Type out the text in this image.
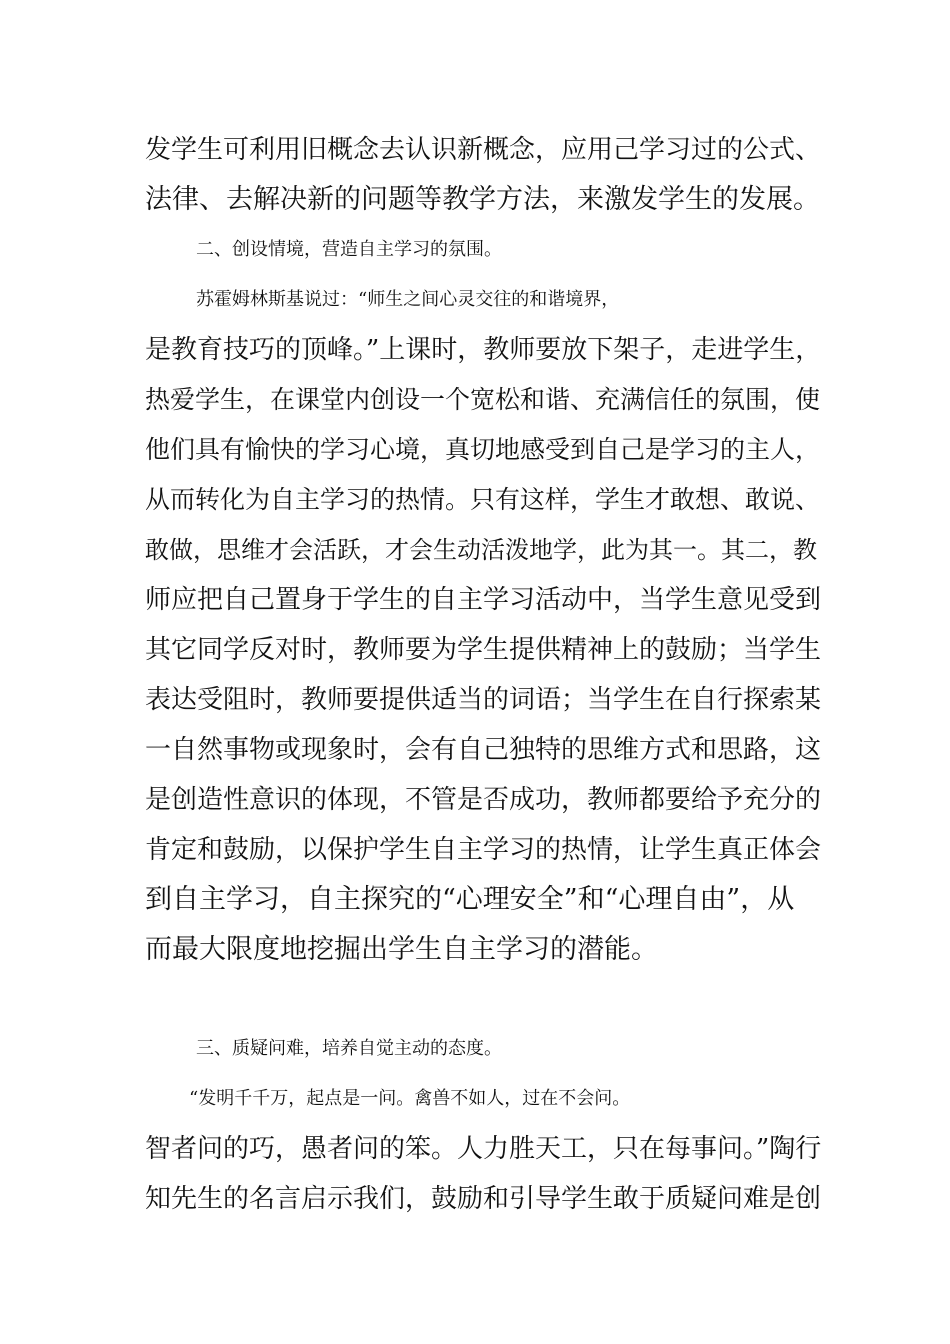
发学生可利用旧概念去认识新概念，应用己学习过的公式、
法律、去解决新的问题等教学方法，来激发学生的发展。
二、创设情境，营造自主学习的氛围。
苏霍姆林斯基说过：“师生之间心灵交往的和谐境界，
是教育技巧的顶峰。”上课时，教师要放下架子，走进学生，
热爱学生，在课堂内创设一个宽松和谐、充满信任的氛围，使
他们具有愉快的学习心境，真切地感受到自己是学习的主人，
从而转化为自主学习的热情。只有这样，学生才敢想、敢说、
敢做，思维才会活跃，才会生动活泼地学，此为其一。其二，教
师应把自己置身于学生的自主学习活动中，当学生意见受到
其它同学反对时，教师要为学生提供精神上的鼓励；当学生
表达受阻时，教师要提供适当的词语；当学生在自行探索某
一自然事物或现象时，会有自己独特的思维方式和思路，这
是创造性意识的体现，不管是否成功，教师都要给予充分的
肯定和鼓励，以保护学生自主学习的热情，让学生真正体会
到自主学习，自主探究的“心理安全”和“心理自由”，从
而最大限度地挖掘出学生自主学习的潜能。
三、质疑问难，培养自觉主动的态度。
“发明千千万，起点是一问。禽兽不如人，过在不会问。
智者问的巧，愚者问的笨。人力胜天工，只在每事问。”陶行
知先生的名言启示我们，鼓励和引导学生敢于质疑问难是创
